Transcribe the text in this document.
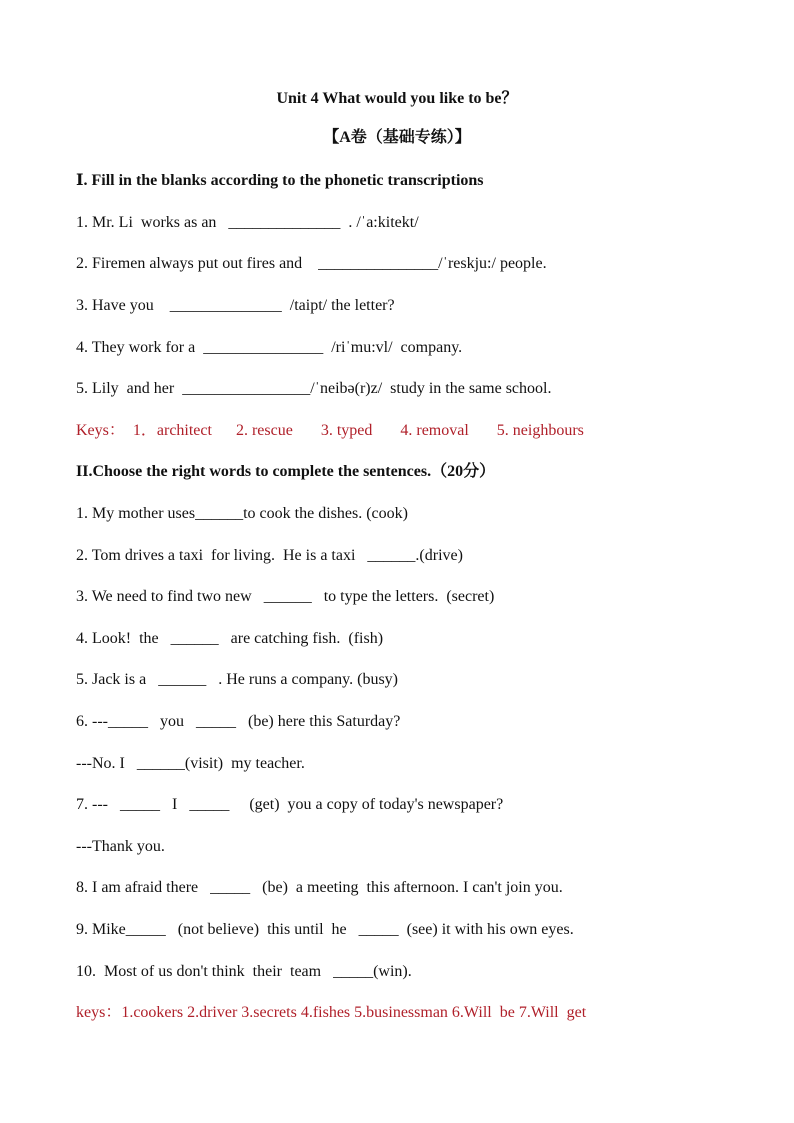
Unit 4 What would you like to be？
【A卷（基础专练）】
Ⅰ. Fill in the blanks according to the phonetic transcriptions
1. Mr. Li  works as an   ______________  . /ˈa:kitekt/
2. Firemen always put out fires and    _______________/ˈreskju:/ people.
3. Have you    ______________  /taipt/ the letter?
4. They work for a  _______________  /riˈmu:vl/  company.
5. Lily  and her  ________________/ˈneibə(r)z/  study in the same school.
Keys：  1．architect      2. rescue       3. typed       4. removal       5. neighbours
II.Choose the right words to complete the sentences.（20分）
1. My mother uses______to cook the dishes. (cook)
2. Tom drives a taxi  for living.  He is a taxi   ______.(drive)
3. We need to find two new   ______   to type the letters.  (secret)
4. Look!  the   ______   are catching fish.  (fish)
5. Jack is a   ______   . He runs a company. (busy)
6. ---_____   you   _____   (be) here this Saturday?
---No. I   ______(visit)  my teacher.
7. ---   _____   I   _____     (get)  you a copy of today's newspaper?
---Thank you.
8. I am afraid there   _____   (be)  a meeting  this afternoon. I can't join you.
9. Mike_____   (not believe)  this until  he   _____  (see) it with his own eyes.
10.  Most of us don't think  their  team   _____(win).
keys：1.cookers 2.driver 3.secrets 4.fishes 5.businessman 6.Will  be 7.Will  get
